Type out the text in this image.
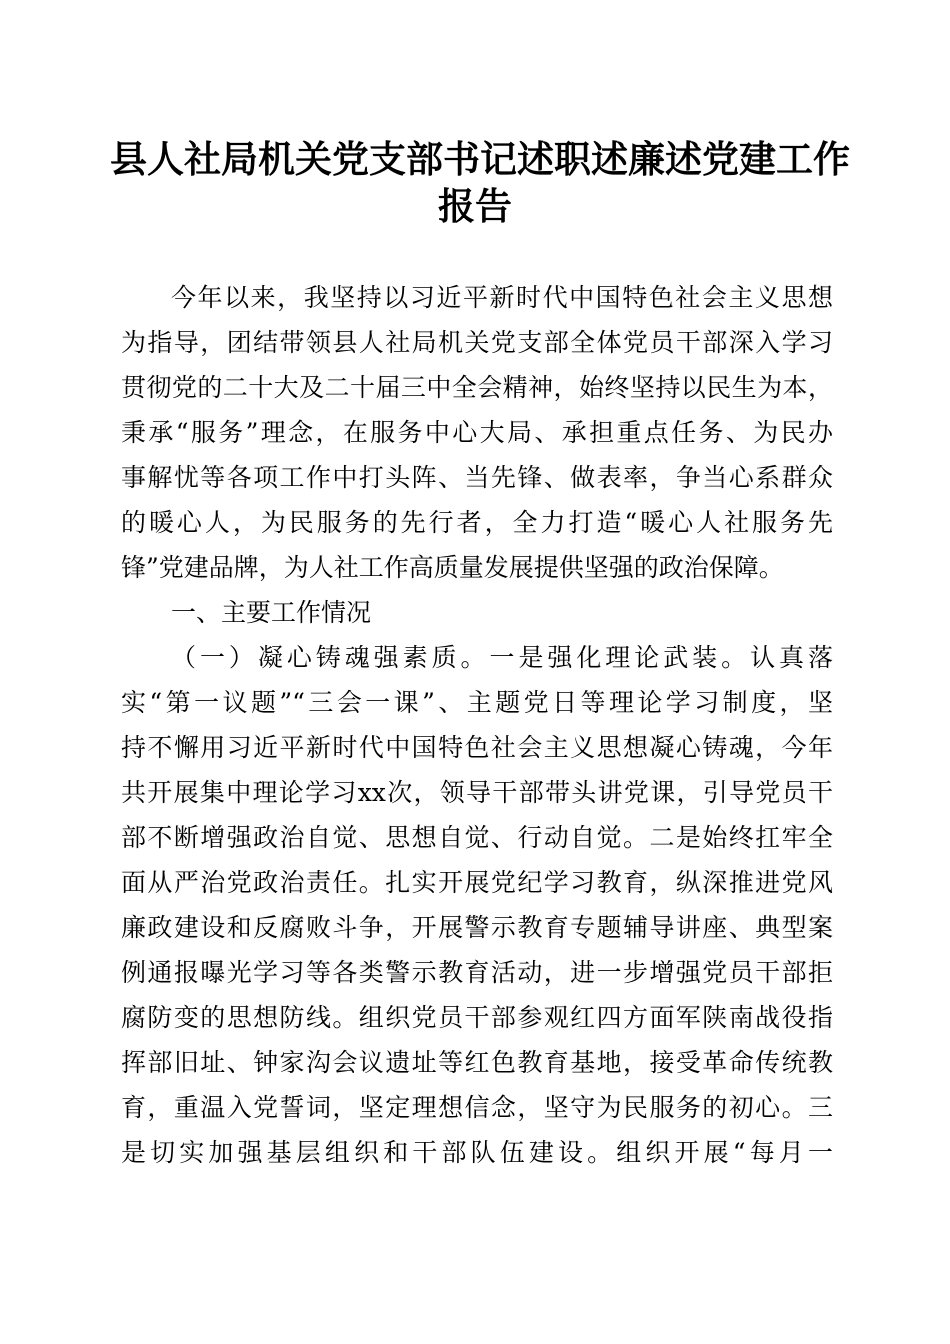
县人社局机关党支部书记述职述廉述党建工作
报告
今年以来，我坚持以习近平新时代中国特色社会主义思想
为指导，团结带领县人社局机关党支部全体党员干部深入学习
贯彻党的二十大及二十届三中全会精神，始终坚持以民生为本，
秉承“服务”理念，在服务中心大局、承担重点任务、为民办
事解忧等各项工作中打头阵、当先锋、做表率，争当心系群众
的暖心人，为民服务的先行者，全力打造“暖心人社服务先
锋”党建品牌，为人社工作高质量发展提供坚强的政治保障。
一、主要工作情况
（一）凝心铸魂强素质。一是强化理论武装。认真落
实“第一议题”“三会一课”、主题党日等理论学习制度，坚
持不懈用习近平新时代中国特色社会主义思想凝心铸魂，今年
共开展集中理论学习xx次，领导干部带头讲党课，引导党员干
部不断增强政治自觉、思想自觉、行动自觉。二是始终扛牢全
面从严治党政治责任。扎实开展党纪学习教育，纵深推进党风
廉政建设和反腐败斗争，开展警示教育专题辅导讲座、典型案
例通报曝光学习等各类警示教育活动，进一步增强党员干部拒
腐防变的思想防线。组织党员干部参观红四方面军陕南战役指
挥部旧址、钟家沟会议遗址等红色教育基地，接受革命传统教
育，重温入党誓词，坚定理想信念，坚守为民服务的初心。三
是切实加强基层组织和干部队伍建设。组织开展“每月一
